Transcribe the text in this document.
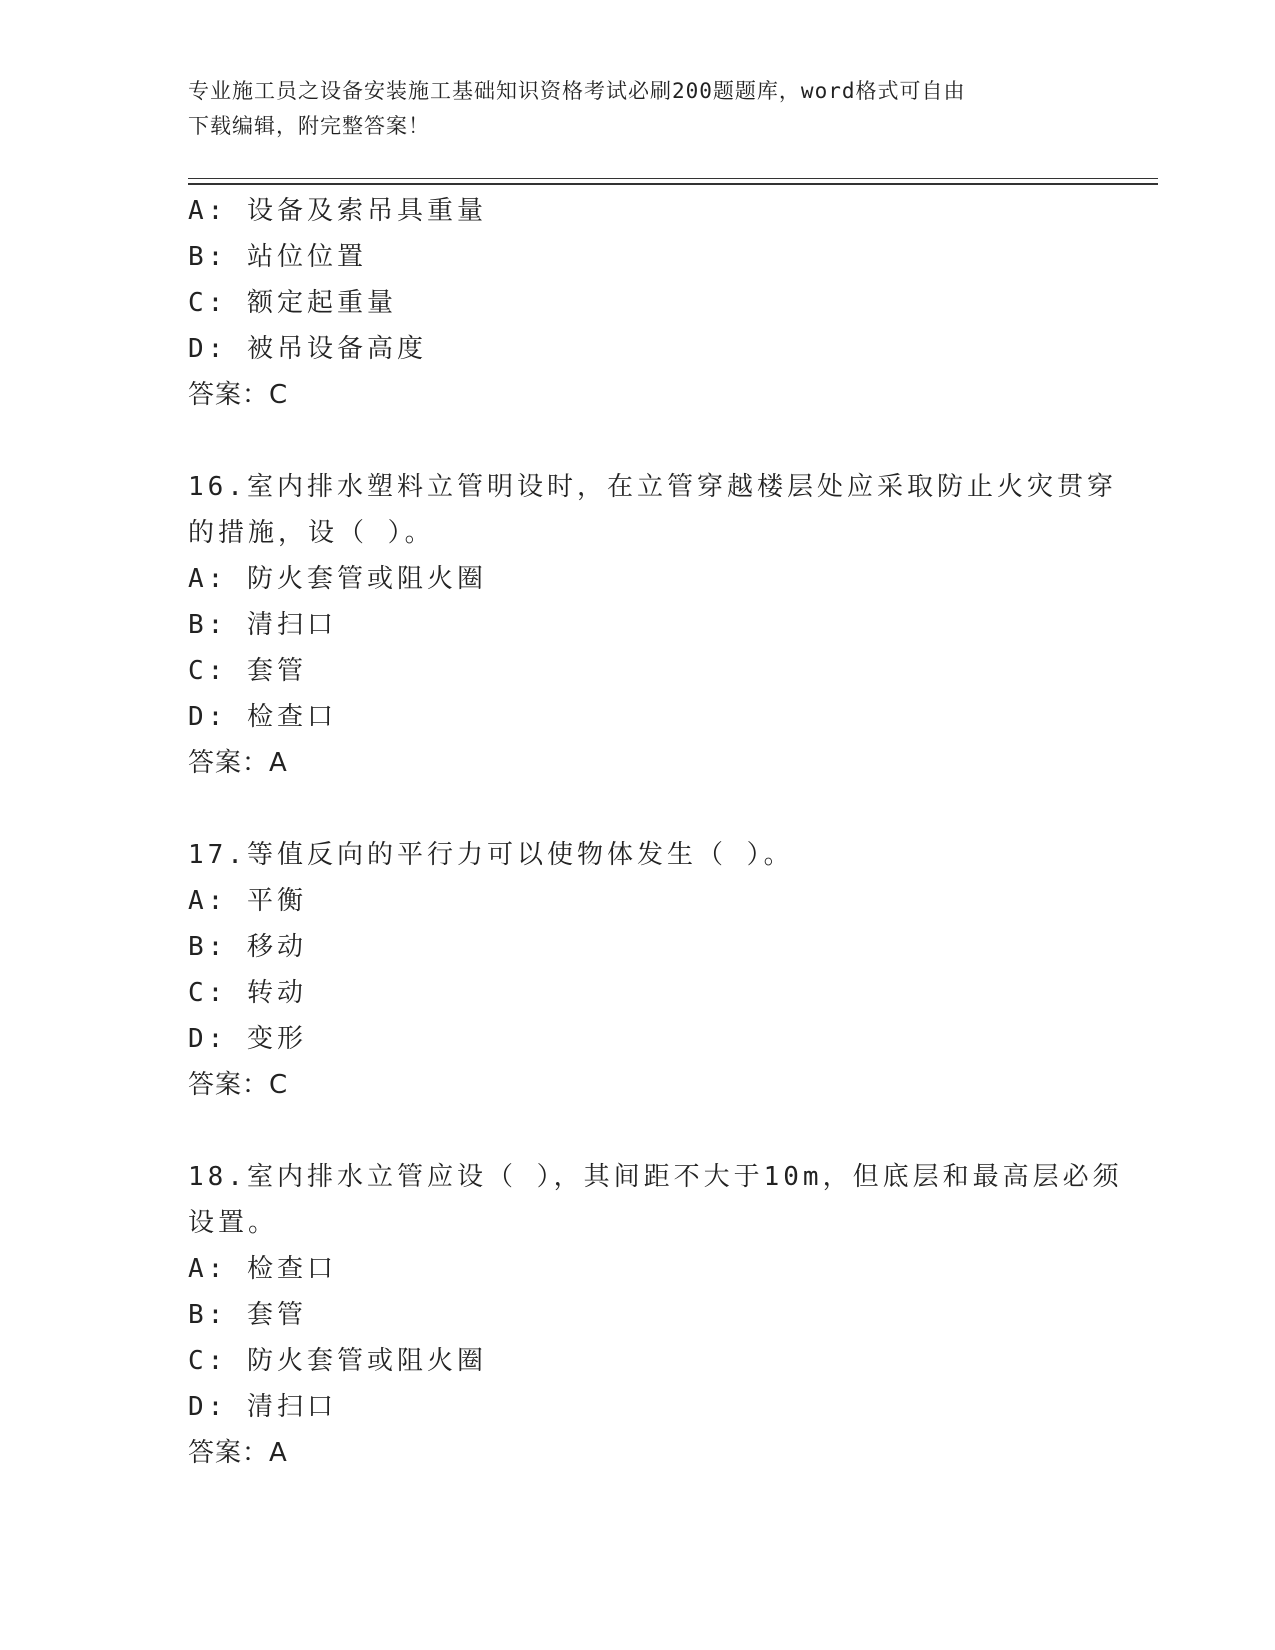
专业施工员之设备安装施工基础知识资格考试必刷200题题库，word格式可自由
下载编辑，附完整答案！
A: 设备及索吊具重量
B: 站位位置
C: 额定起重量
D: 被吊设备高度
答案：C
16.室内排水塑料立管明设时，在立管穿越楼层处应采取防止火灾贯穿
的措施，设（ ）。
A: 防火套管或阻火圈
B: 清扫口
C: 套管
D: 检查口
答案：A
17.等值反向的平行力可以使物体发生（ ）。
A: 平衡
B: 移动
C: 转动
D: 变形
答案：C
18.室内排水立管应设（ ），其间距不大于10m，但底层和最高层必须
设置。
A: 检查口
B: 套管
C: 防火套管或阻火圈
D: 清扫口
答案：A
